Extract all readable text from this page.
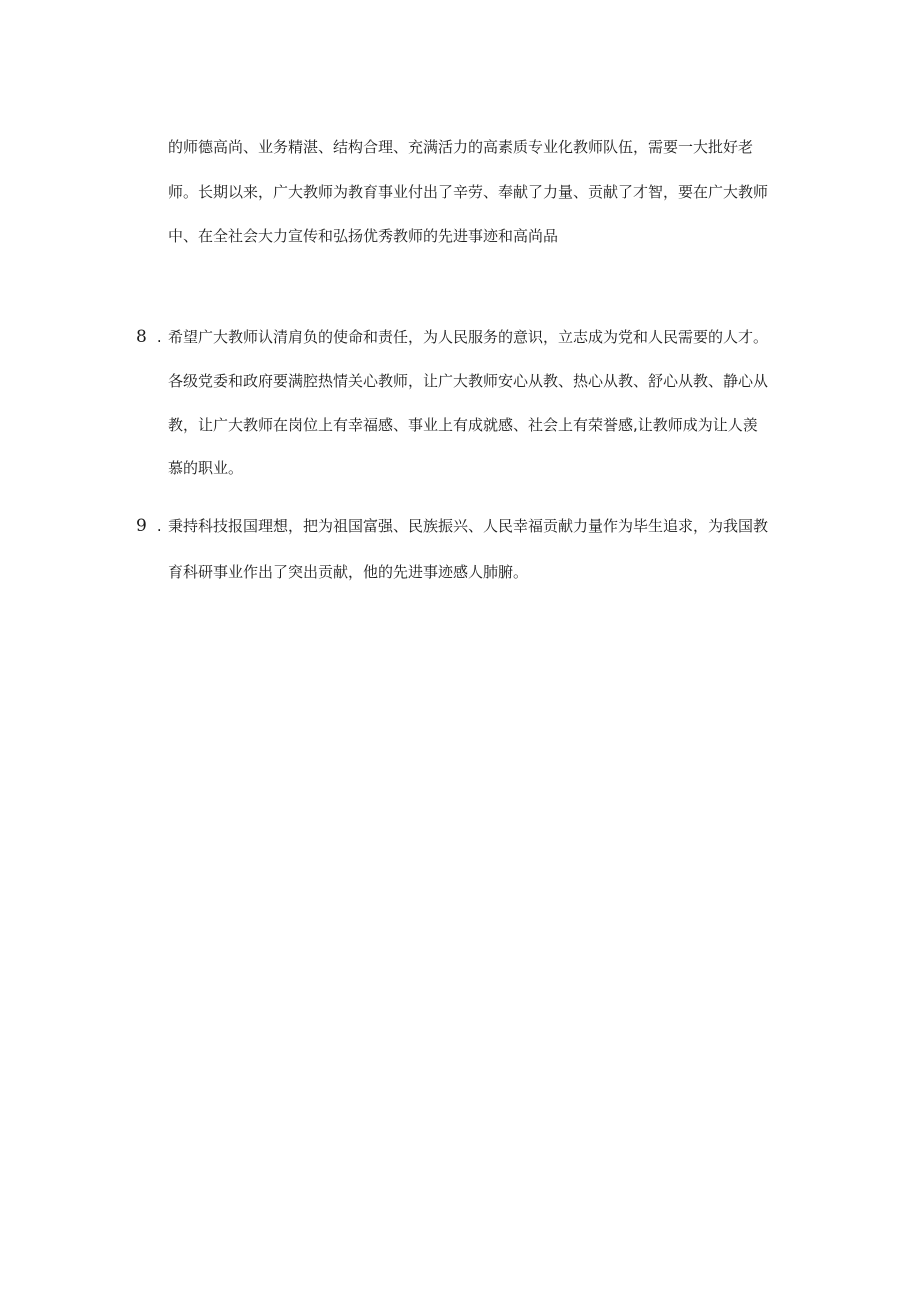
的师德高尚、业务精湛、结构合理、充满活力的高素质专业化教师队伍，需要一大批好老
师。长期以来，广大教师为教育事业付出了辛劳、奉献了力量、贡献了才智，要在广大教师
中、在全社会大力宣传和弘扬优秀教师的先进事迹和高尚品
8 . 希望广大教师认清肩负的使命和责任，为人民服务的意识，立志成为党和人民需要的人才。
各级党委和政府要满腔热情关心教师，让广大教师安心从教、热心从教、舒心从教、静心从
教，让广大教师在岗位上有幸福感、事业上有成就感、社会上有荣誉感,让教师成为让人羡
慕的职业。
9 . 秉持科技报国理想，把为祖国富强、民族振兴、人民幸福贡献力量作为毕生追求，为我国教
育科研事业作出了突出贡献，他的先进事迹感人肺腑。
